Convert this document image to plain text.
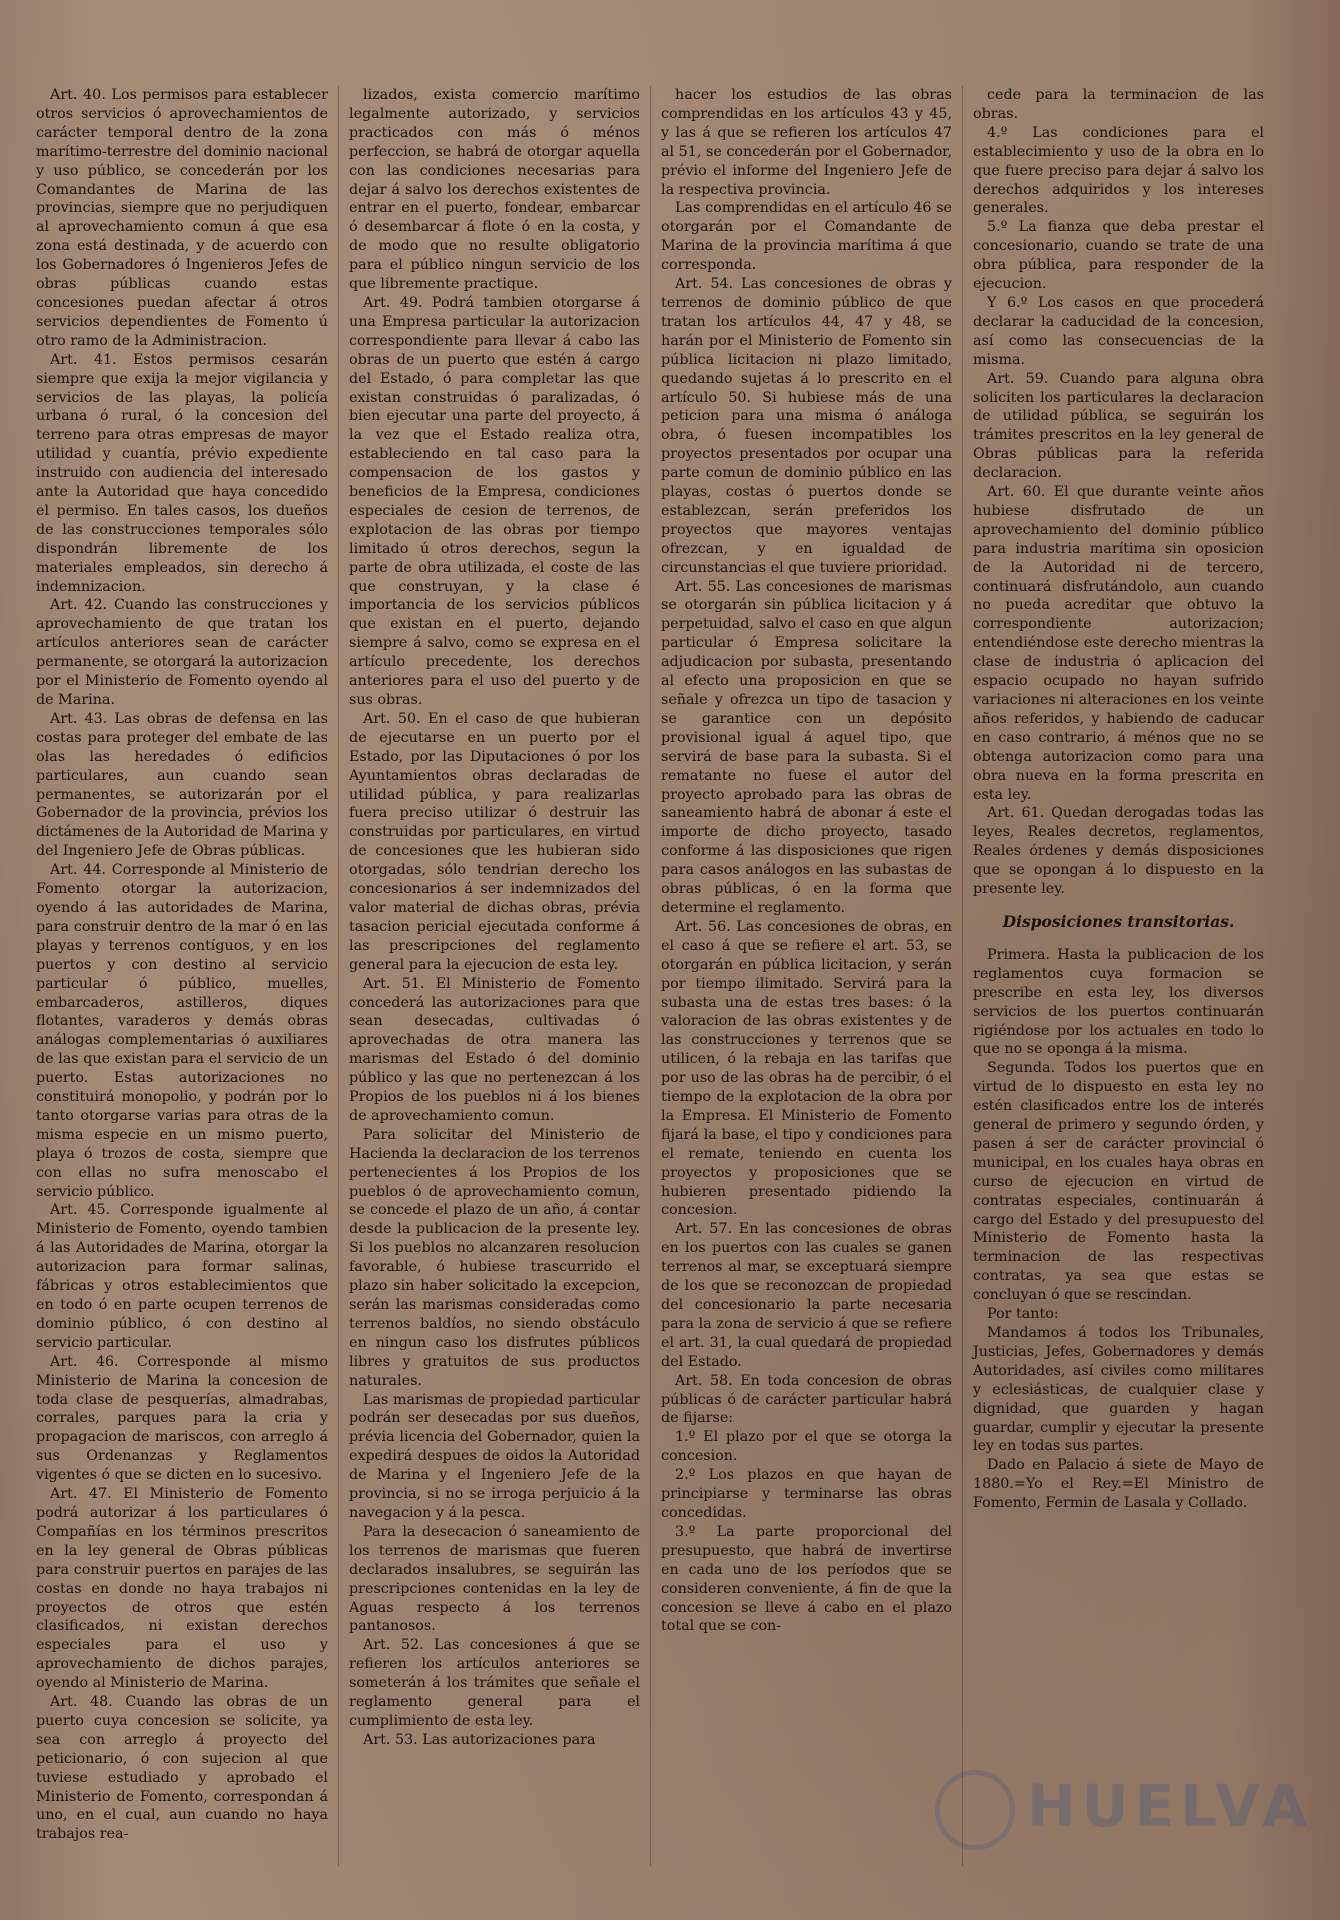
Art. 40. Los permisos para establecer otros servicios ó aprovechamientos de carácter temporal dentro de la zona marítimo-terrestre del dominio nacional y uso público, se concederán por los Comandantes de Marina de las provincias, siempre que no perjudiquen al aprovechamiento comun á que esa zona está destinada, y de acuerdo con los Gobernadores ó Ingenieros Jefes de obras públicas cuando estas concesiones puedan afectar á otros servicios dependientes de Fomento ú otro ramo de la Administracion.

Art. 41. Estos permisos cesarán siempre que exija la mejor vigilancia y servicios de las playas, la policía urbana ó rural, ó la concesion del terreno para otras empresas de mayor utilidad y cuantía, prévio expediente instruido con audiencia del interesado ante la Autoridad que haya concedido el permiso. En tales casos, los dueños de las construcciones temporales sólo dispondrán libremente de los materiales empleados, sin derecho á indemnizacion.

Art. 42. Cuando las construcciones y aprovechamiento de que tratan los artículos anteriores sean de carácter permanente, se otorgará la autorizacion por el Ministerio de Fomento oyendo al de Marina.

Art. 43. Las obras de defensa en las costas para proteger del embate de las olas las heredades ó edificios particulares, aun cuando sean permanentes, se autorizarán por el Gobernador de la provincia, prévios los dictámenes de la Autoridad de Marina y del Ingeniero Jefe de Obras públicas.

Art. 44. Corresponde al Ministerio de Fomento otorgar la autorizacion, oyendo á las autoridades de Marina, para construir dentro de la mar ó en las playas y terrenos contíguos, y en los puertos y con destino al servicio particular ó público, muelles, embarcaderos, astilleros, diques flotantes, varaderos y demás obras análogas complementarias ó auxiliares de las que existan para el servicio de un puerto. Estas autorizaciones no constituirá monopolio, y podrán por lo tanto otorgarse varias para otras de la misma especie en un mismo puerto, playa ó trozos de costa, siempre que con ellas no sufra menoscabo el servicio público.

Art. 45. Corresponde igualmente al Ministerio de Fomento, oyendo tambien á las Autoridades de Marina, otorgar la autorizacion para formar salinas, fábricas y otros establecimientos que en todo ó en parte ocupen terrenos de dominio público, ó con destino al servicio particular.

Art. 46. Corresponde al mismo Ministerio de Marina la concesion de toda clase de pesquerías, almadrabas, corrales, parques para la cria y propagacion de mariscos, con arreglo á sus Ordenanzas y Reglamentos vigentes ó que se dicten en lo sucesivo.

Art. 47. El Ministerio de Fomento podrá autorizar á los particulares ó Compañías en los términos prescritos en la ley general de Obras públicas para construir puertos en parajes de las costas en donde no haya trabajos ni proyectos de otros que estén clasificados, ni existan derechos especiales para el uso y aprovechamiento de dichos parajes, oyendo al Ministerio de Marina.

Art. 48. Cuando las obras de un puerto cuya concesion se solicite, ya sea con arreglo á proyecto del peticionario, ó con sujecion al que tuviese estudiado y aprobado el Ministerio de Fomento, correspondan á uno, en el cual, aun cuando no haya trabajos rea-

lizados, exista comercio marítimo legalmente autorizado, y servicios practicados con más ó ménos perfeccion, se habrá de otorgar aquella con las condiciones necesarias para dejar á salvo los derechos existentes de entrar en el puerto, fondear, embarcar ó desembarcar á flote ó en la costa, y de modo que no resulte obligatorio para el público ningun servicio de los que libremente practique.

Art. 49. Podrá tambien otorgarse á una Empresa particular la autorizacion correspondiente para llevar á cabo las obras de un puerto que estén á cargo del Estado, ó para completar las que existan construidas ó paralizadas, ó bien ejecutar una parte del proyecto, á la vez que el Estado realiza otra, estableciendo en tal caso para la compensacion de los gastos y beneficios de la Empresa, condiciones especiales de cesion de terrenos, de explotacion de las obras por tiempo limitado ú otros derechos, segun la parte de obra utilizada, el coste de las que construyan, y la clase é importancia de los servicios públicos que existan en el puerto, dejando siempre á salvo, como se expresa en el artículo precedente, los derechos anteriores para el uso del puerto y de sus obras.

Art. 50. En el caso de que hubieran de ejecutarse en un puerto por el Estado, por las Diputaciones ó por los Ayuntamientos obras declaradas de utilidad pública, y para realizarlas fuera preciso utilizar ó destruir las construidas por particulares, en virtud de concesiones que les hubieran sido otorgadas, sólo tendrian derecho los concesionarios á ser indemnizados del valor material de dichas obras, prévia tasacion pericial ejecutada conforme á las prescripciones del reglamento general para la ejecucion de esta ley.

Art. 51. El Ministerio de Fomento concederá las autorizaciones para que sean desecadas, cultivadas ó aprovechadas de otra manera las marismas del Estado ó del dominio público y las que no pertenezcan á los Propios de los pueblos ni á los bienes de aprovechamiento comun.

Para solicitar del Ministerio de Hacienda la declaracion de los terrenos pertenecientes á los Propios de los pueblos ó de aprovechamiento comun, se concede el plazo de un año, á contar desde la publicacion de la presente ley. Si los pueblos no alcanzaren resolucion favorable, ó hubiese trascurrido el plazo sin haber solicitado la excepcion, serán las marismas consideradas como terrenos baldíos, no siendo obstáculo en ningun caso los disfrutes públicos libres y gratuitos de sus productos naturales.

Las marismas de propiedad particular podrán ser desecadas por sus dueños, prévia licencia del Gobernador, quien la expedirá despues de oidos la Autoridad de Marina y el Ingeniero Jefe de la provincia, si no se irroga perjuicio á la navegacion y á la pesca.

Para la desecacion ó saneamiento de los terrenos de marismas que fueren declarados insalubres, se seguirán las prescripciones contenidas en la ley de Aguas respecto á los terrenos pantanosos.

Art. 52. Las concesiones á que se refieren los artículos anteriores se someterán á los trámites que señale el reglamento general para el cumplimiento de esta ley.

Art. 53. Las autorizaciones para

hacer los estudios de las obras comprendidas en los artículos 43 y 45, y las á que se refieren los artículos 47 al 51, se concederán por el Gobernador, prévio el informe del Ingeniero Jefe de la respectiva provincia.

Las comprendidas en el artículo 46 se otorgarán por el Comandante de Marina de la provincia marítima á que corresponda.

Art. 54. Las concesiones de obras y terrenos de dominio público de que tratan los artículos 44, 47 y 48, se harán por el Ministerio de Fomento sin pública licitacion ni plazo limitado, quedando sujetas á lo prescrito en el artículo 50. Si hubiese más de una peticion para una misma ó análoga obra, ó fuesen incompatibles los proyectos presentados por ocupar una parte comun de dominio público en las playas, costas ó puertos donde se establezcan, serán preferidos los proyectos que mayores ventajas ofrezcan, y en igualdad de circunstancias el que tuviere prioridad.

Art. 55. Las concesiones de marismas se otorgarán sin pública licitacion y á perpetuidad, salvo el caso en que algun particular ó Empresa solicitare la adjudicacion por subasta, presentando al efecto una proposicion en que se señale y ofrezca un tipo de tasacion y se garantice con un depósito provisional igual á aquel tipo, que servirá de base para la subasta. Si el rematante no fuese el autor del proyecto aprobado para las obras de saneamiento habrá de abonar á este el importe de dicho proyecto, tasado conforme á las disposiciones que rigen para casos análogos en las subastas de obras públicas, ó en la forma que determine el reglamento.

Art. 56. Las concesiones de obras, en el caso á que se refiere el art. 53, se otorgarán en pública licitacion, y serán por tiempo ilimitado. Servirá para la subasta una de estas tres bases: ó la valoracion de las obras existentes y de las construcciones y terrenos que se utilicen, ó la rebaja en las tarifas que por uso de las obras ha de percibir, ó el tiempo de la explotacion de la obra por la Empresa. El Ministerio de Fomento fijará la base, el tipo y condiciones para el remate, teniendo en cuenta los proyectos y proposiciones que se hubieren presentado pidiendo la concesion.

Art. 57. En las concesiones de obras en los puertos con las cuales se ganen terrenos al mar, se exceptuará siempre de los que se reconozcan de propiedad del concesionario la parte necesaria para la zona de servicio á que se refiere el art. 31, la cual quedará de propiedad del Estado.

Art. 58. En toda concesion de obras públicas ó de carácter particular habrá de fijarse:

1.º El plazo por el que se otorga la concesion.

2.º Los plazos en que hayan de principiarse y terminarse las obras concedidas.

3.º La parte proporcional del presupuesto, que habrá de invertirse en cada uno de los períodos que se consideren conveniente, á fin de que la concesion se lleve á cabo en el plazo total que se con-

cede para la terminacion de las obras.

4.º Las condiciones para el establecimiento y uso de la obra en lo que fuere preciso para dejar á salvo los derechos adquiridos y los intereses generales.

5.º La fianza que deba prestar el concesionario, cuando se trate de una obra pública, para responder de la ejecucion.

Y 6.º Los casos en que procederá declarar la caducidad de la concesion, así como las consecuencias de la misma.

Art. 59. Cuando para alguna obra soliciten los particulares la declaracion de utilidad pública, se seguirán los trámites prescritos en la ley general de Obras públicas para la referida declaracion.

Art. 60. El que durante veinte años hubiese disfrutado de un aprovechamiento del dominio público para industria marítima sin oposicion de la Autoridad ni de tercero, continuará disfrutándolo, aun cuando no pueda acreditar que obtuvo la correspondiente autorizacion; entendiéndose este derecho mientras la clase de industria ó aplicacion del espacio ocupado no hayan sufrido variaciones ni alteraciones en los veinte años referidos, y habiendo de caducar en caso contrario, á ménos que no se obtenga autorizacion como para una obra nueva en la forma prescrita en esta ley.

Art. 61. Quedan derogadas todas las leyes, Reales decretos, reglamentos, Reales órdenes y demás disposiciones que se opongan á lo dispuesto en la presente ley.

Disposiciones transitorias.

Primera. Hasta la publicacion de los reglamentos cuya formacion se prescribe en esta ley, los diversos servicios de los puertos continuarán rigiéndose por los actuales en todo lo que no se oponga á la misma.

Segunda. Todos los puertos que en virtud de lo dispuesto en esta ley no estén clasificados entre los de interés general de primero y segundo órden, y pasen á ser de carácter provincial ó municipal, en los cuales haya obras en curso de ejecucion en virtud de contratas especiales, continuarán á cargo del Estado y del presupuesto del Ministerio de Fomento hasta la terminacion de las respectivas contratas, ya sea que estas se concluyan ó que se rescindan.

Por tanto:

Mandamos á todos los Tribunales, Justicias, Jefes, Gobernadores y demás Autoridades, así civiles como militares y eclesiásticas, de cualquier clase y dignidad, que guarden y hagan guardar, cumplir y ejecutar la presente ley en todas sus partes.

Dado en Palacio á siete de Mayo de 1880.=Yo el Rey.=El Ministro de Fomento, Fermin de Lasala y Collado.

HUELVA
